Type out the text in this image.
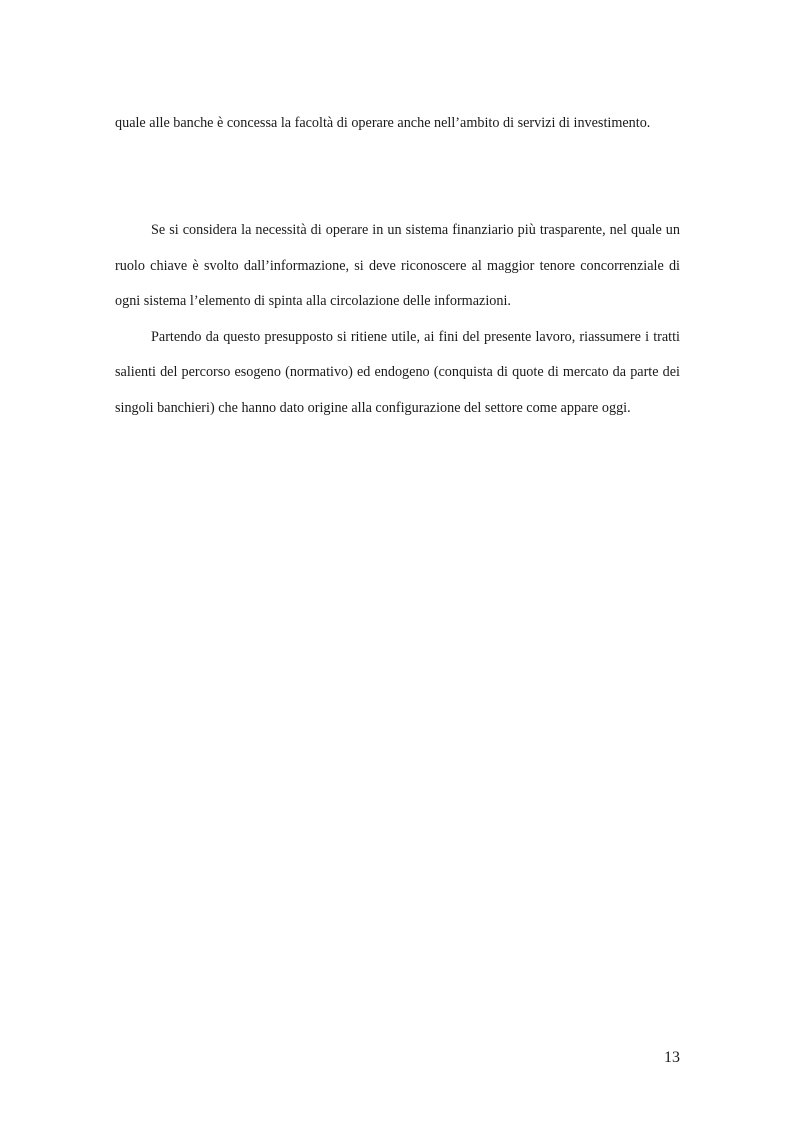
quale alle banche è concessa la facoltà di operare anche nell’ambito di servizi di investimento.

Se si considera la necessità di operare in un sistema finanziario più trasparente, nel quale un ruolo chiave è svolto dall’informazione, si deve riconoscere al maggior tenore concorrenziale di ogni sistema l’elemento di spinta alla circolazione delle informazioni.

Partendo da questo presupposto si ritiene utile, ai fini del presente lavoro, riassumere i tratti salienti del percorso esogeno (normativo) ed endogeno (conquista di quote di mercato da parte dei singoli banchieri) che hanno dato origine alla configurazione del settore come appare oggi.

13
